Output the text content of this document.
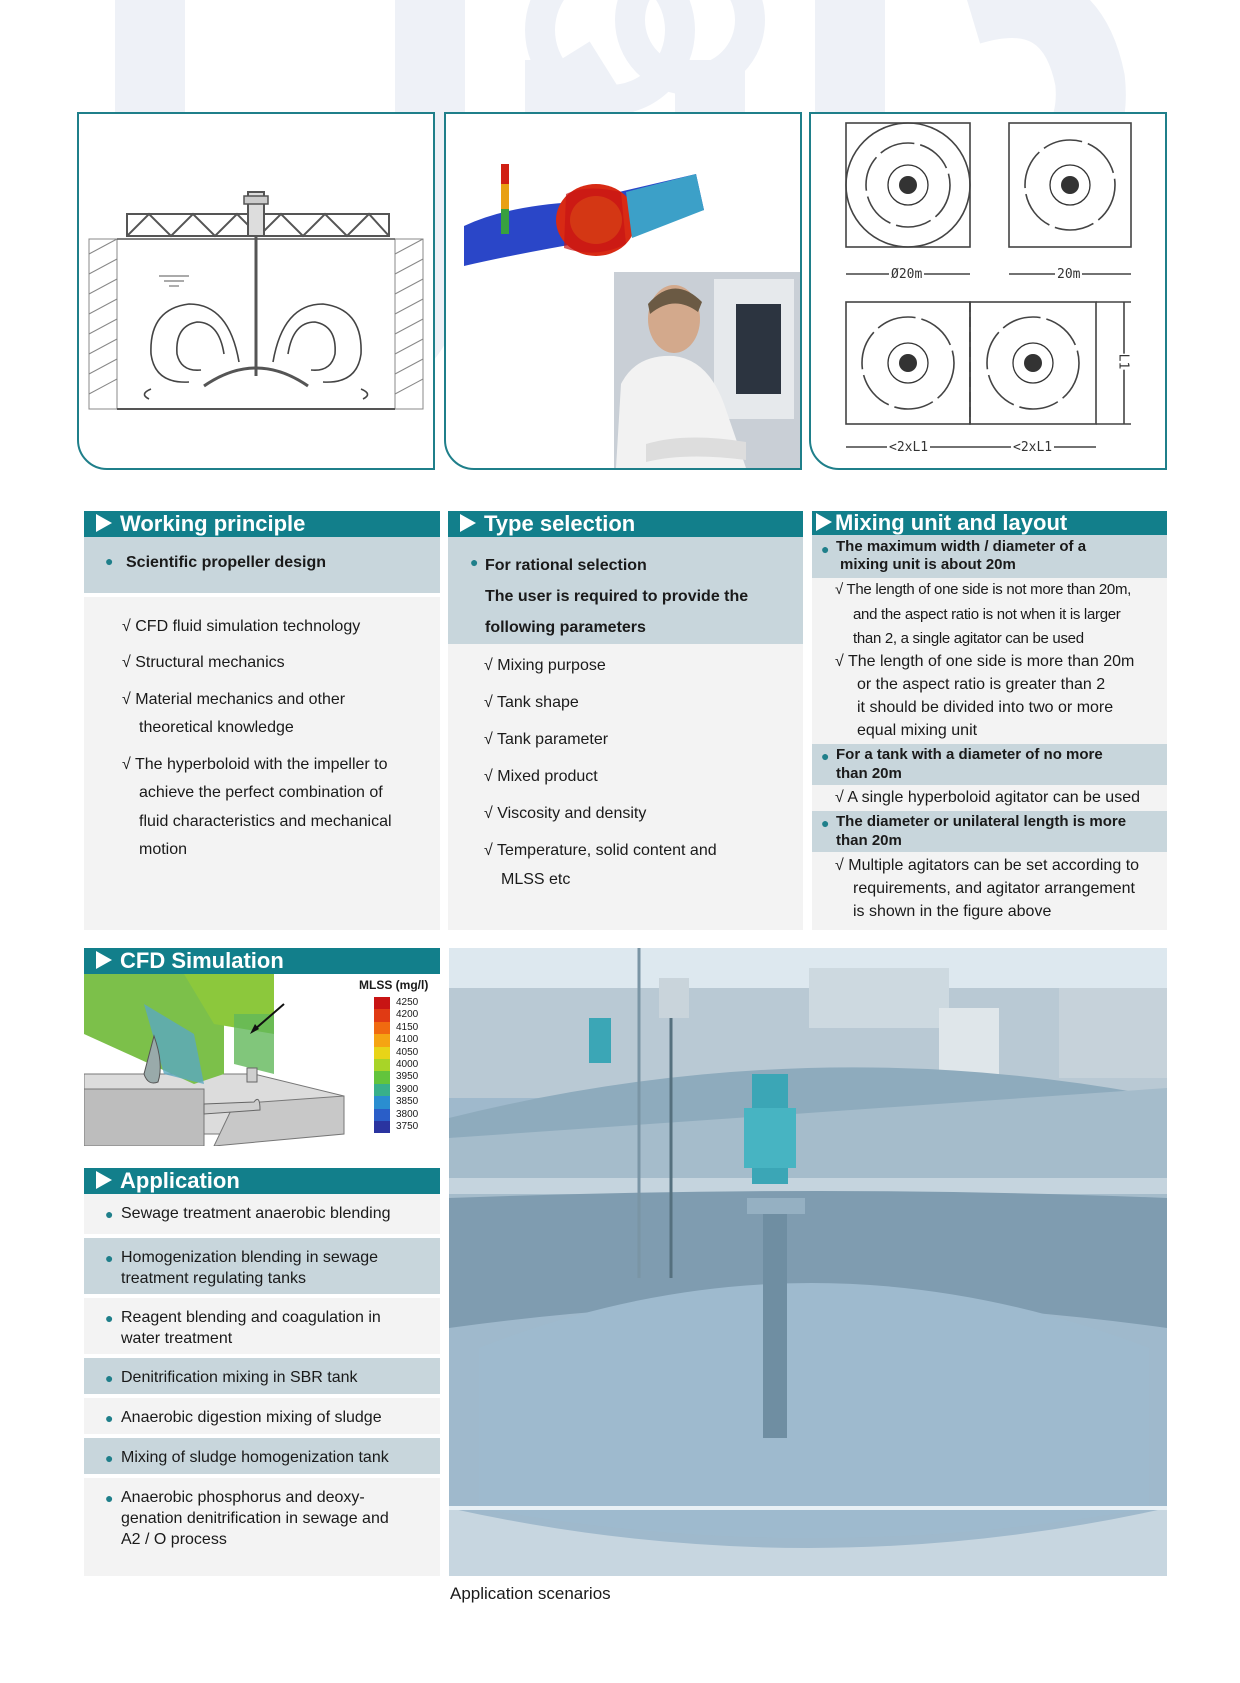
Ø20m	20m
<2xL1	<2xL1
L1
Working principle
● Scientific propeller design
√ CFD fluid simulation technology
√ Structural mechanics
√ Material mechanics and other
theoretical knowledge
√ The hyperboloid with the impeller to
achieve the perfect combination of
fluid characteristics and mechanical
motion
Type selection
● For rational selection
The user is required to provide the
following parameters
√ Mixing purpose
√ Tank shape
√ Tank parameter
√ Mixed product
√ Viscosity and density
√ Temperature, solid content and
MLSS etc
Mixing unit and layout
● The maximum width / diameter of a
mixing unit is about 20m
√ The length of one side is not more than 20m,
and the aspect ratio is not when it is larger
than 2, a single agitator can be used
√ The length of one side is more than 20m
or the aspect ratio is greater than 2
it should be divided into two or more
equal mixing unit
● For a tank with a diameter of no more
than 20m
√ A single hyperboloid agitator can be used
● The diameter or unilateral length is more
than 20m
√ Multiple agitators can be set according to
requirements, and agitator arrangement
is shown in the figure above
CFD Simulation
MLSS (mg/l)
4250
4200
4150
4100
4050
4000
3950
3900
3850
3800
3750
Application
● Sewage treatment anaerobic blending
● Homogenization blending in sewage
treatment regulating tanks
● Reagent blending and coagulation in
water treatment
● Denitrification mixing in SBR tank
● Anaerobic digestion mixing of sludge
● Mixing of sludge homogenization tank
● Anaerobic phosphorus and deoxy-
genation denitrification in sewage and
A2 / O process
Application scenarios
